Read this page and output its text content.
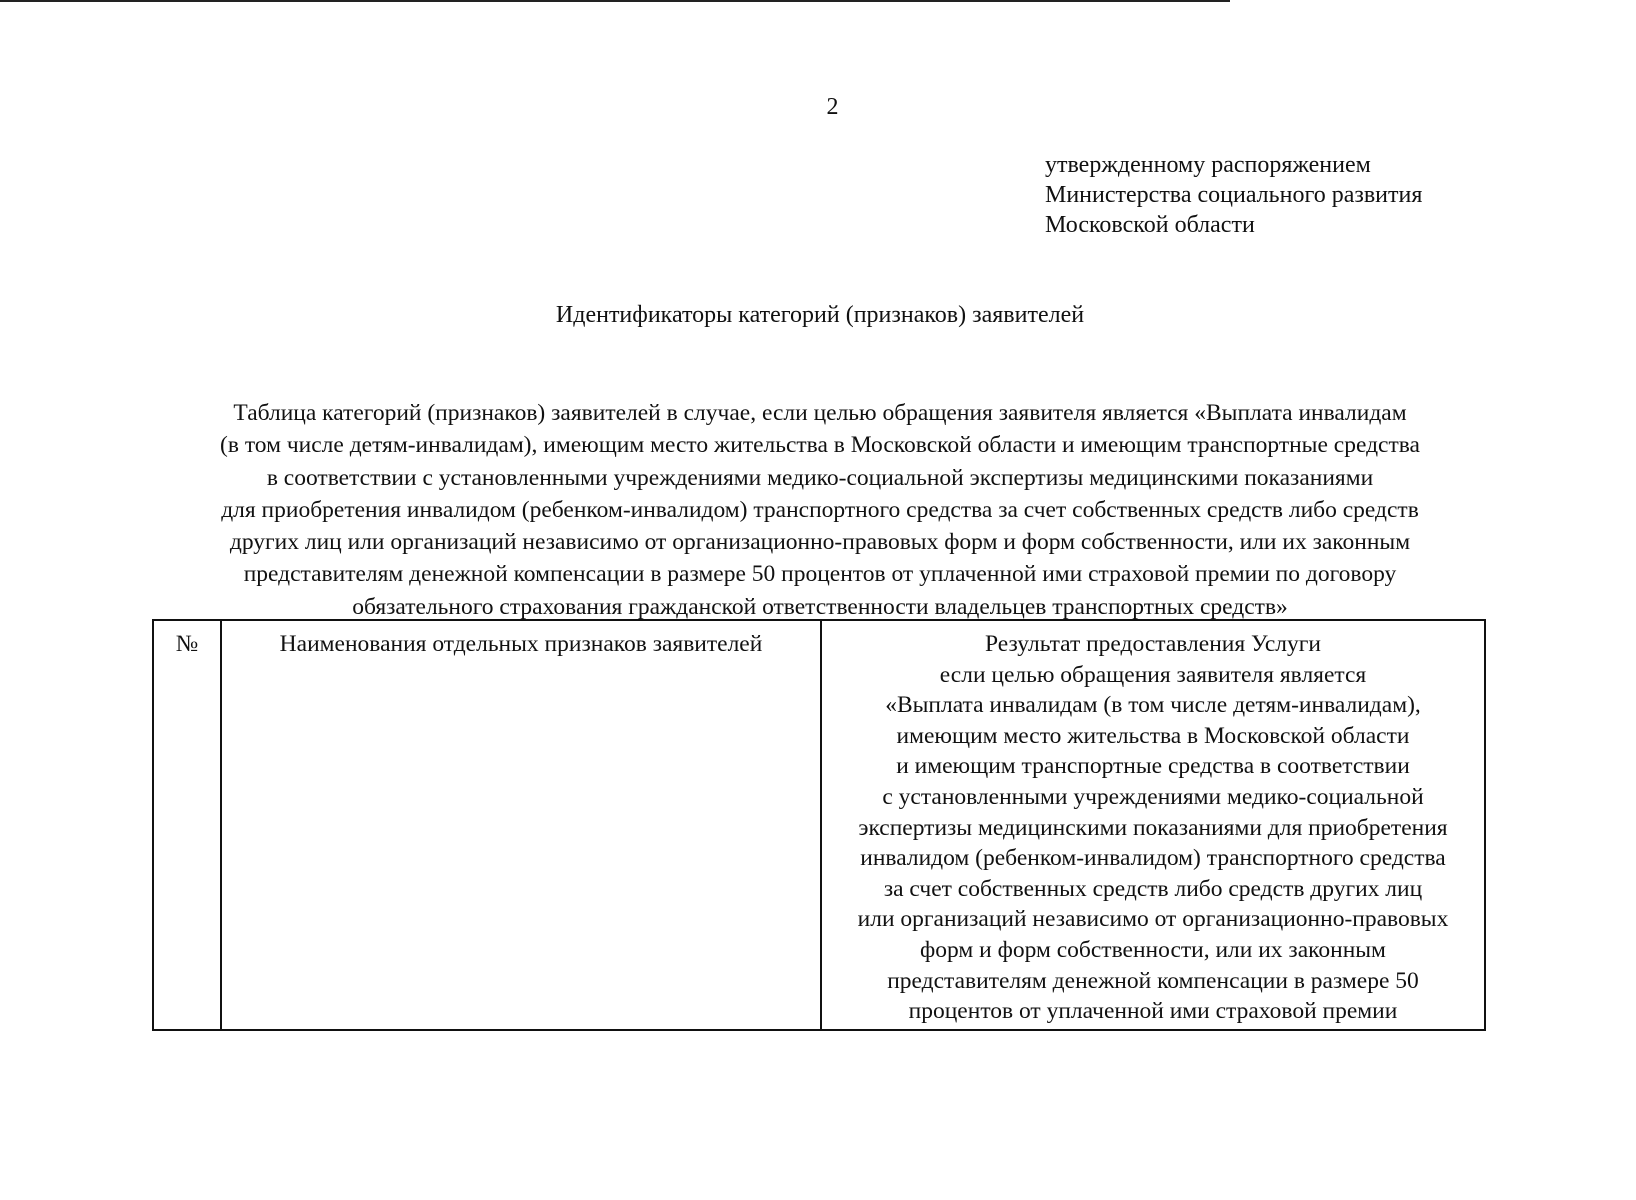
2
утвержденному распоряжением
Министерства социального развития
Московской области
Идентификаторы категорий (признаков) заявителей
Таблица категорий (признаков) заявителей в случае, если целью обращения заявителя является «Выплата инвалидам
(в том числе детям-инвалидам), имеющим место жительства в Московской области и имеющим транспортные средства
в соответствии с установленными учреждениями медико-социальной экспертизы медицинскими показаниями
для приобретения инвалидом (ребенком-инвалидом) транспортного средства за счет собственных средств либо средств
других лиц или организаций независимо от организационно-правовых форм и форм собственности, или их законным
представителям денежной компенсации в размере 50 процентов от уплаченной ими страховой премии по договору
обязательного страхования гражданской ответственности владельцев транспортных средств»
№	Наименования отдельных признаков заявителей	Результат предоставления Услуги
если целью обращения заявителя является
«Выплата инвалидам (в том числе детям-инвалидам),
имеющим место жительства в Московской области
и имеющим транспортные средства в соответствии
с установленными учреждениями медико-социальной
экспертизы медицинскими показаниями для приобретения
инвалидом (ребенком-инвалидом) транспортного средства
за счет собственных средств либо средств других лиц
или организаций независимо от организационно-правовых
форм и форм собственности, или их законным
представителям денежной компенсации в размере 50
процентов от уплаченной ими страховой премии
